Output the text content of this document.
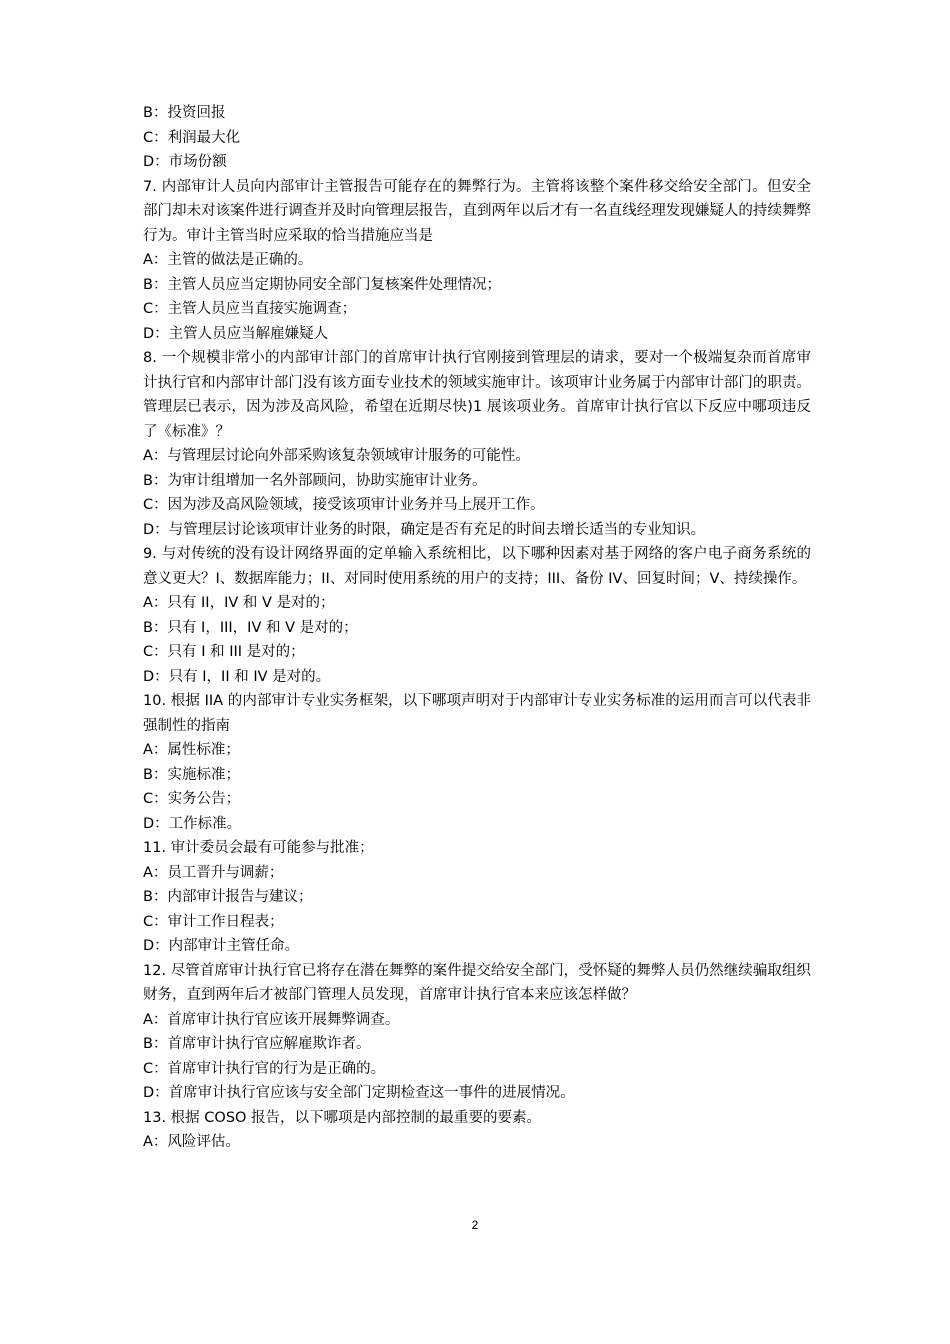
B：投资回报
C：利润最大化
D：市场份额
7. 内部审计人员向内部审计主管报告可能存在的舞弊行为。主管将该整个案件移交给安全部门。但安全部门却未对该案件进行调查并及时向管理层报告，直到两年以后才有一名直线经理发现嫌疑人的持续舞弊行为。审计主管当时应采取的恰当措施应当是
A：主管的做法是正确的。
B：主管人员应当定期协同安全部门复核案件处理情况；
C：主管人员应当直接实施调查；
D：主管人员应当解雇嫌疑人
8. 一个规模非常小的内部审计部门的首席审计执行官刚接到管理层的请求，要对一个极端复杂而首席审计执行官和内部审计部门没有该方面专业技术的领域实施审计。该项审计业务属于内部审计部门的职责。管理层已表示，因为涉及高风险，希望在近期尽快)1 展该项业务。首席审计执行官以下反应中哪项违反了《标准》？
A：与管理层讨论向外部采购该复杂领域审计服务的可能性。
B：为审计组增加一名外部顾问，协助实施审计业务。
C：因为涉及高风险领域，接受该项审计业务并马上展开工作。
D：与管理层讨论该项审计业务的时限，确定是否有充足的时间去增长适当的专业知识。
9. 与对传统的没有设计网络界面的定单输入系统相比，以下哪种因素对基于网络的客户电子商务系统的意义更大？I、数据库能力；II、对同时使用系统的用户的支持；III、备份 IV、回复时间；V、持续操作。
A：只有 II，IV 和 V 是对的；
B：只有 I，III，IV 和 V 是对的；
C：只有 I 和 III 是对的；
D：只有 I，II 和 IV 是对的。
10. 根据 IIA 的内部审计专业实务框架，以下哪项声明对于内部审计专业实务标准的运用而言可以代表非强制性的指南
A：属性标准；
B：实施标准；
C：实务公告；
D：工作标准。
11. 审计委员会最有可能参与批准；
A：员工晋升与调薪；
B：内部审计报告与建议；
C：审计工作日程表；
D：内部审计主管任命。
12. 尽管首席审计执行官已将存在潜在舞弊的案件提交给安全部门，受怀疑的舞弊人员仍然继续骗取组织财务，直到两年后才被部门管理人员发现，首席审计执行官本来应该怎样做？
A：首席审计执行官应该开展舞弊调查。
B：首席审计执行官应解雇欺诈者。
C：首席审计执行官的行为是正确的。
D：首席审计执行官应该与安全部门定期检查这一事件的进展情况。
13. 根据 COSO 报告，以下哪项是内部控制的最重要的要素。
A：风险评估。
2
